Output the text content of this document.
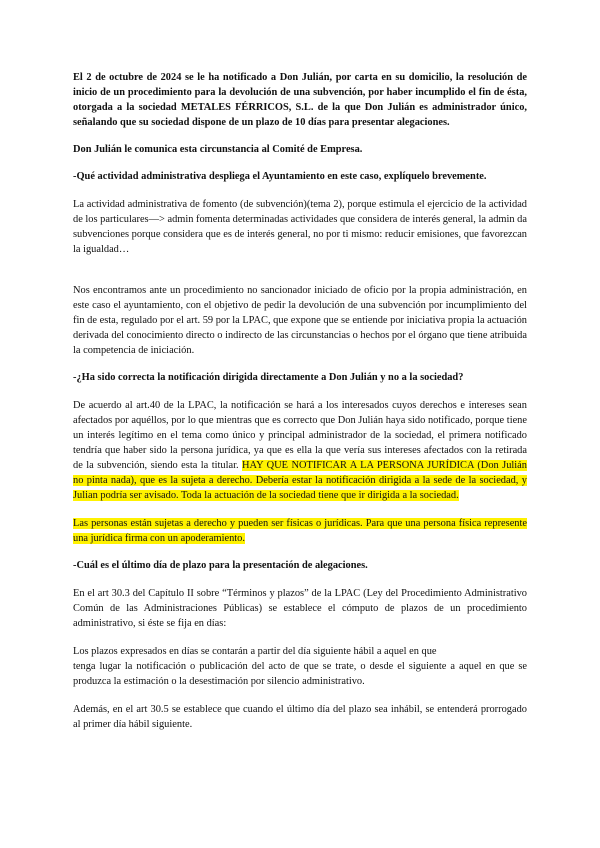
El 2 de octubre de 2024 se le ha notificado a Don Julián, por carta en su domicilio, la resolución de inicio de un procedimiento para la devolución de una subvención, por haber incumplido el fin de ésta, otorgada a la sociedad METALES FÉRRICOS, S.L. de la que Don Julián es administrador único, señalando que su sociedad dispone de un plazo de 10 días para presentar alegaciones.

Don Julián le comunica esta circunstancia al Comité de Empresa.

-Qué actividad administrativa despliega el Ayuntamiento en este caso, explíquelo brevemente.

La actividad administrativa de fomento (de subvención)(tema 2), porque estimula el ejercicio de la actividad de los particulares—> admin fomenta determinadas actividades que considera de interés general, la admin da subvenciones porque considera que es de interés general, no por ti mismo: reducir emisiones, que favorezcan la igualdad…

Nos encontramos ante un procedimiento no sancionador iniciado de oficio por la propia administración, en este caso el ayuntamiento, con el objetivo de pedir la devolución de una subvención por incumplimiento del fin de esta, regulado por el art. 59 por la LPAC, que expone que se entiende por iniciativa propia la actuación derivada del conocimiento directo o indirecto de las circunstancias o hechos por el órgano que tiene atribuida la competencia de iniciación.

-¿Ha sido correcta la notificación dirigida directamente a Don Julián y no a la sociedad?

De acuerdo al art.40 de la LPAC, la notificación se hará a los interesados cuyos derechos e intereses sean afectados por aquéllos, por lo que mientras que es correcto que Don Julián haya sido notificado, porque tiene un interés legítimo en el tema como único y principal administrador de la sociedad, el primera notificado tendría que haber sido la persona jurídica, ya que es ella la que vería sus intereses afectados con la retirada de la subvención, siendo esta la titular. HAY QUE NOTIFICAR A LA PERSONA JURÍDICA (Don Julián no pinta nada), que es la sujeta a derecho. Debería estar la notificación dirigida a la sede de la sociedad, y Julian podría ser avisado. Toda la actuación de la sociedad tiene que ir dirigida a la sociedad.

Las personas están sujetas a derecho y pueden ser físicas o jurídicas. Para que una persona física represente una jurídica firma con un apoderamiento.

-Cuál es el último día de plazo para la presentación de alegaciones.

En el art 30.3 del Capítulo II sobre “Términos y plazos” de la LPAC (Ley del Procedimiento Administrativo Común de las Administraciones Públicas) se establece el cómputo de plazos de un procedimiento administrativo, si éste se fija en días:

Los plazos expresados en días se contarán a partir del día siguiente hábil a aquel en que

tenga lugar la notificación o publicación del acto de que se trate, o desde el siguiente a aquel en que se produzca la estimación o la desestimación por silencio administrativo.

Además, en el art 30.5 se establece que cuando el último día del plazo sea inhábil, se entenderá prorrogado al primer día hábil siguiente.
